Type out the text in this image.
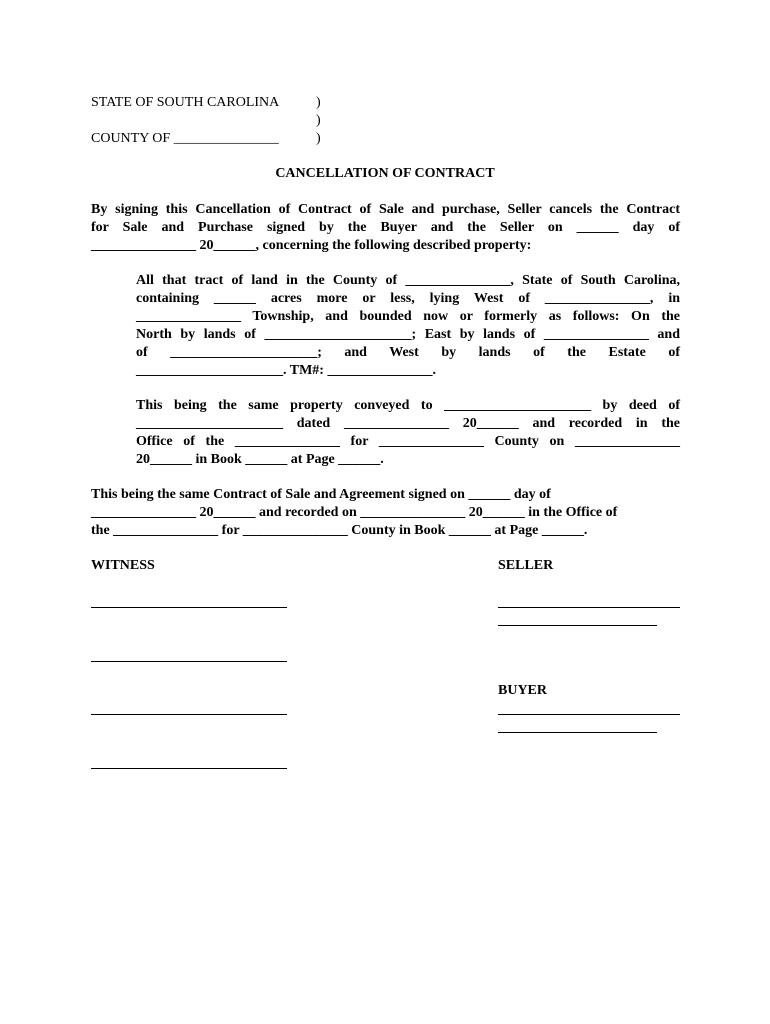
STATE OF SOUTH CAROLINA	)
)
COUNTY OF _______________	)
CANCELLATION OF CONTRACT

By signing this Cancellation of Contract of Sale and purchase, Seller cancels the Contract

for Sale and Purchase signed by the Buyer and the Seller on ______ day of

_______________ 20______, concerning the following described property:

All that tract of land in the County of _______________, State of South Carolina,

containing ______ acres more or less, lying West of _______________, in

_______________ Township, and bounded now or formerly as follows: On the

North by lands of _____________________; East by lands of _______________ and

of _____________________; and West by lands of the Estate of

_____________________. TM#: _______________.

This being the same property conveyed to _____________________ by deed of

_____________________ dated _______________ 20______ and recorded in the

Office of the _______________ for _______________ County on _______________

20______ in Book ______ at Page ______.

This being the same Contract of Sale and Agreement signed on ______ day of

_______________ 20______ and recorded on _______________ 20______ in the Office of

the _______________ for _______________ County in Book ______ at Page ______.

WITNESS	SELLER
BUYER
